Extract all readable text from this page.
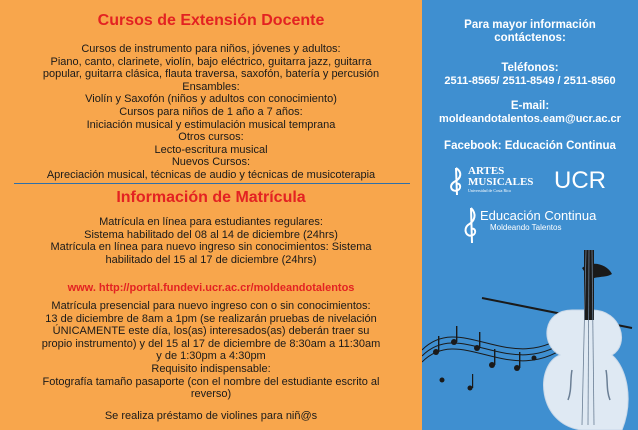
Cursos de Extensión Docente

Cursos de instrumento para niños, jóvenes y adultos:

Piano, canto, clarinete, violín, bajo eléctrico, guitarra jazz, guitarra

popular, guitarra clásica, flauta traversa, saxofón, batería y percusión

Ensambles:

Violín y Saxofón (niños y adultos con conocimiento)

Cursos para niños de 1 año a 7 años:

Iniciación musical y estimulación musical temprana

Otros cursos:

Lecto-escritura musical

Nuevos Cursos:

Apreciación musical, técnicas de audio y técnicas de musicoterapia

Información de Matrícula

Matrícula en línea para estudiantes regulares:

Sistema habilitado del 08 al 14 de diciembre (24hrs)

Matrícula en línea para nuevo ingreso sin conocimientos: Sistema

habilitado del 15 al 17 de diciembre (24hrs)

www. http://portal.fundevi.ucr.ac.cr/moldeandotalentos

Matrícula presencial para nuevo ingreso con o sin conocimientos:

13 de diciembre de 8am a 1pm (se realizarán pruebas de nivelación

ÚNICAMENTE este día, los(as) interesados(as) deberán traer su

propio instrumento) y del 15 al 17 de diciembre de 8:30am a 11:30am

y de 1:30pm a 4:30pm

Requisito indispensable:

Fotografía tamaño pasaporte (con el nombre del estudiante escrito al

reverso)

Se realiza préstamo de violines para niñ@s

Para mayor información
contáctenos:
Teléfonos:
2511-8565/ 2511-8549 / 2511-8560
E-mail:
moldeandotalentos.eam@ucr.ac.cr
Facebook: Educación Continua
ARTES
MUSICALES
Universidad de Costa Rica	UCR
Educación Continua
Moldeando Talentos
